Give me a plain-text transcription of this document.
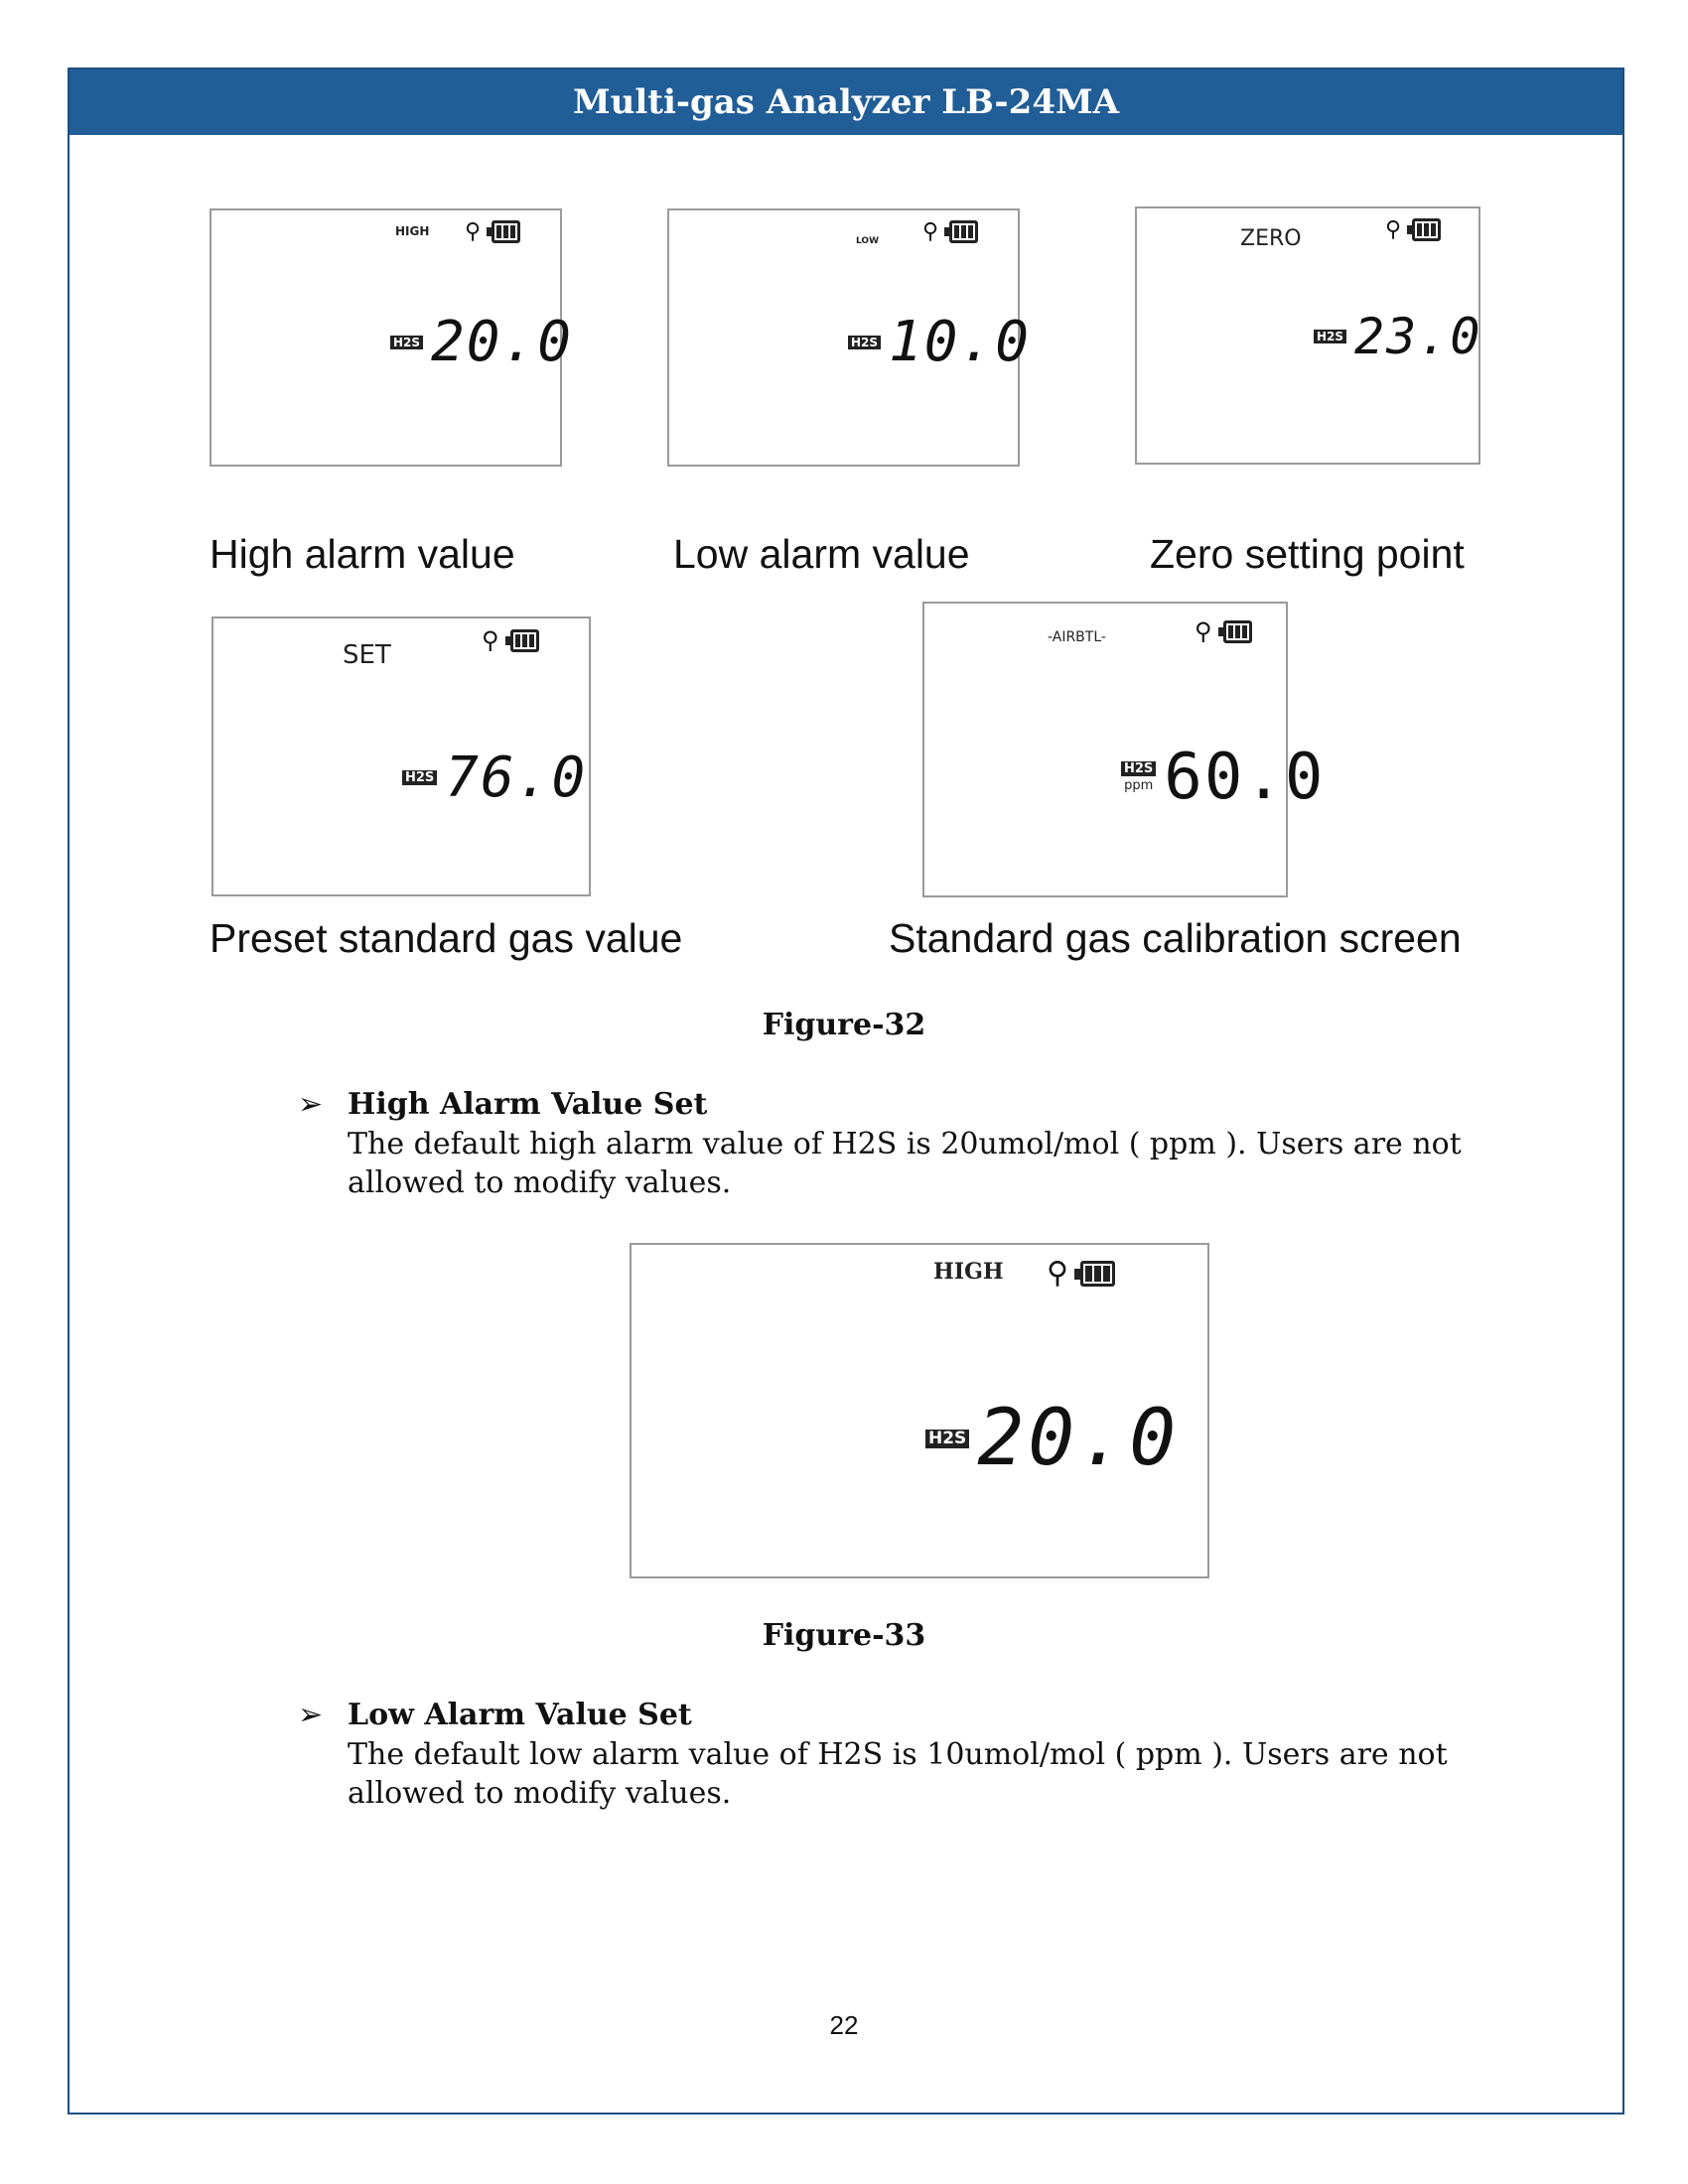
Multi-gas Analyzer LB-24MA
HIGH ⚲
H2S 20.0
High alarm value
LOW ⚲
H2S 10.0
Low alarm value
ZERO	⚲
H2S 23.0
Zero setting point
SET	⚲
H2S 76.0
Preset standard gas value
-AIRBTL-	⚲
H2S
ppm 60.0
Standard gas calibration screen
Figure-32
➢ High Alarm Value Set
The default high alarm value of H2S is 20umol/mol ( ppm ). Users are not allowed to modify values.
HIGH ⚲
H2S 20.0
Figure-33
➢ Low Alarm Value Set
The default low alarm value of H2S is 10umol/mol ( ppm ). Users are not allowed to modify values.
22
